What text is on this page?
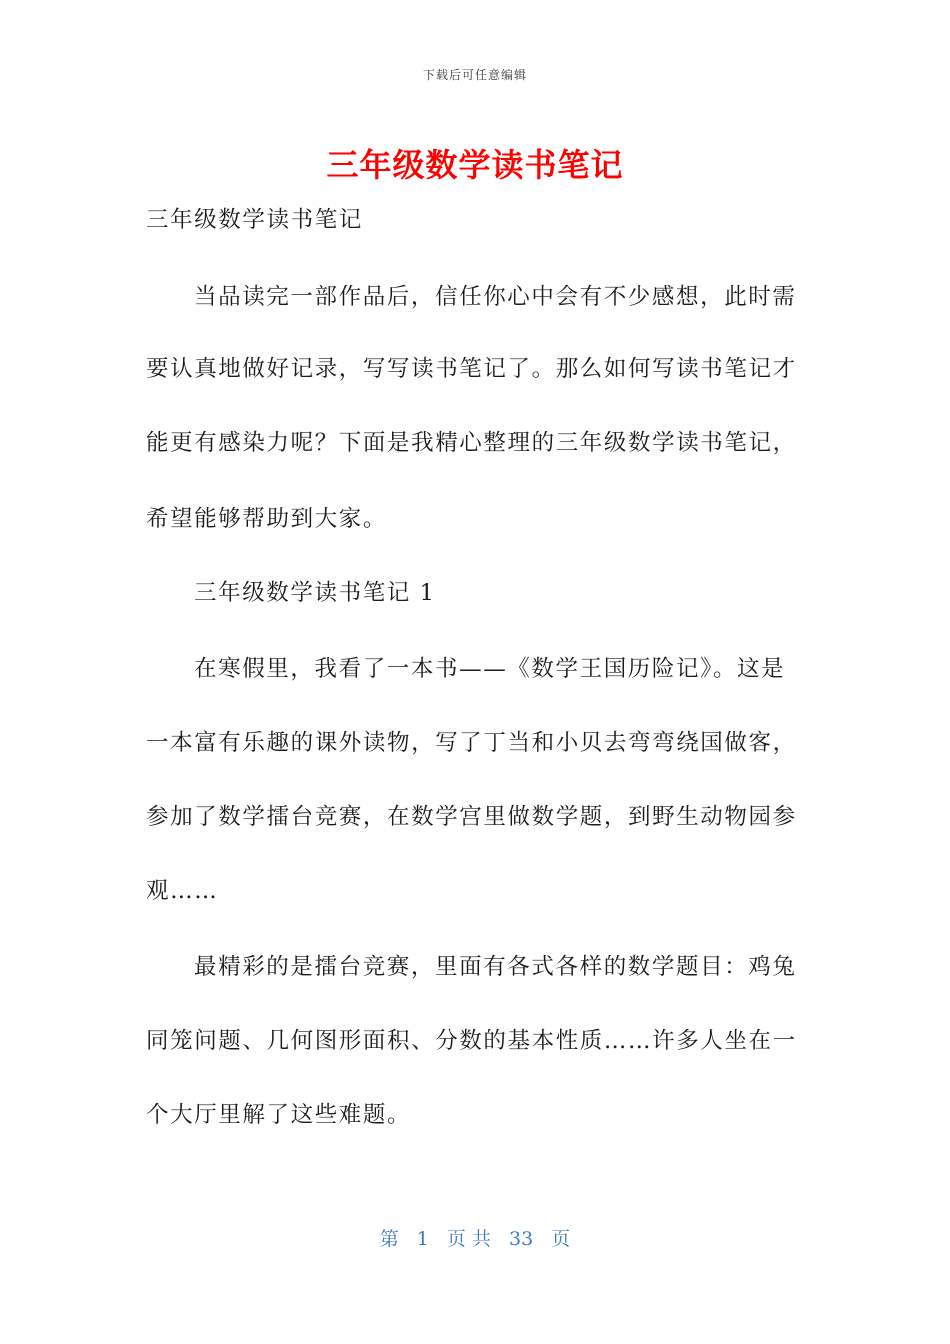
下载后可任意编辑
三年级数学读书笔记
三年级数学读书笔记
当品读完一部作品后，信任你心中会有不少感想，此时需
要认真地做好记录，写写读书笔记了。那么如何写读书笔记才
能更有感染力呢？下面是我精心整理的三年级数学读书笔记，
希望能够帮助到大家。
三年级数学读书笔记 1
在寒假里，我看了一本书——《数学王国历险记》。这是
一本富有乐趣的课外读物，写了丁当和小贝去弯弯绕国做客，
参加了数学擂台竞赛，在数学宫里做数学题，到野生动物园参
观……
最精彩的是擂台竞赛，里面有各式各样的数学题目：鸡兔
同笼问题、几何图形面积、分数的基本性质……许多人坐在一
个大厅里解了这些难题。
第 1 页 共 33 页
